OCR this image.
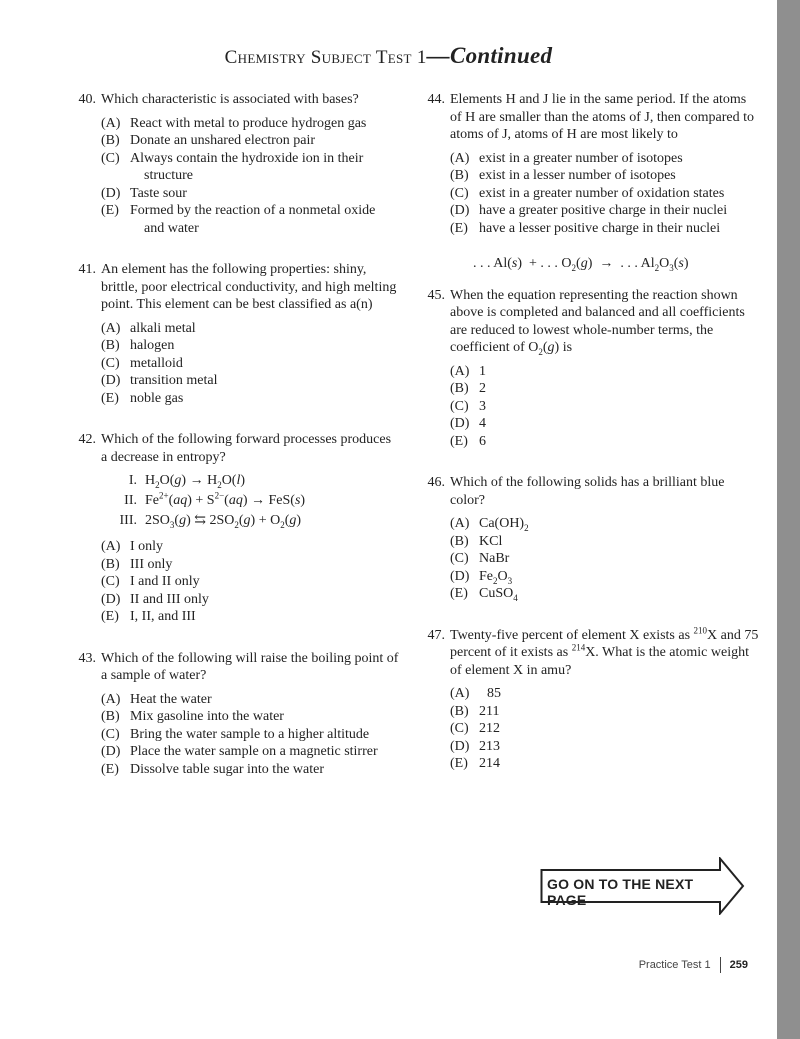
Chemistry Subject Test 1—Continued
40. Which characteristic is associated with bases?
(A) React with metal to produce hydrogen gas
(B) Donate an unshared electron pair
(C) Always contain the hydroxide ion in their
structure
(D) Taste sour
(E) Formed by the reaction of a nonmetal oxide
and water
41. An element has the following properties: shiny, brittle, poor electrical conductivity, and high melting point. This element can be best classified as a(n)
(A) alkali metal
(B) halogen
(C) metalloid
(D) transition metal
(E) noble gas
42. Which of the following forward processes produces a decrease in entropy?
I. $H_2O(g) \to H_2O(l)$
II. $Fe^{2+}(aq) + S^{2-}(aq) \to FeS(s)$
III. $2SO_3(g)$ ⇆ $2SO_2(g) + O_2(g)$
(A) I only
(B) III only
(C) I and II only
(D) II and III only
(E) I, II, and III
43. Which of the following will raise the boiling point of a sample of water?
(A) Heat the water
(B) Mix gasoline into the water
(C) Bring the water sample to a higher altitude
(D) Place the water sample on a magnetic stirrer
(E) Dissolve table sugar into the water
44. Elements H and J lie in the same period. If the atoms of H are smaller than the atoms of J, then compared to atoms of J, atoms of H are most likely to
(A) exist in a greater number of isotopes
(B) exist in a lesser number of isotopes
(C) exist in a greater number of oxidation states
(D) have a greater positive charge in their nuclei
(E) have a lesser positive charge in their nuclei
. . . Al(s)  + . . . $O_2(g)$  →  . . . $Al_2O_3(s)$
45. When the equation representing the reaction shown above is completed and balanced and all coefficients are reduced to lowest whole-number terms, the coefficient of $O_2(g)$ is
(A) 1
(B) 2
(C) 3
(D) 4
(E) 6
46. Which of the following solids has a brilliant blue color?
(A) $Ca(OH)_2$
(B) KCl
(C) NaBr
(D) $Fe_2O_3$
(E) CuSO$_4$
47. Twenty-five percent of element X exists as $^{210}$X and 75 percent of it exists as $^{214}$X. What is the atomic weight of element X in amu?
(A)	85
(B) 211
(C) 212
(D) 213
(E) 214
GO ON TO THE NEXT PAGE
Practice Test 1 259
